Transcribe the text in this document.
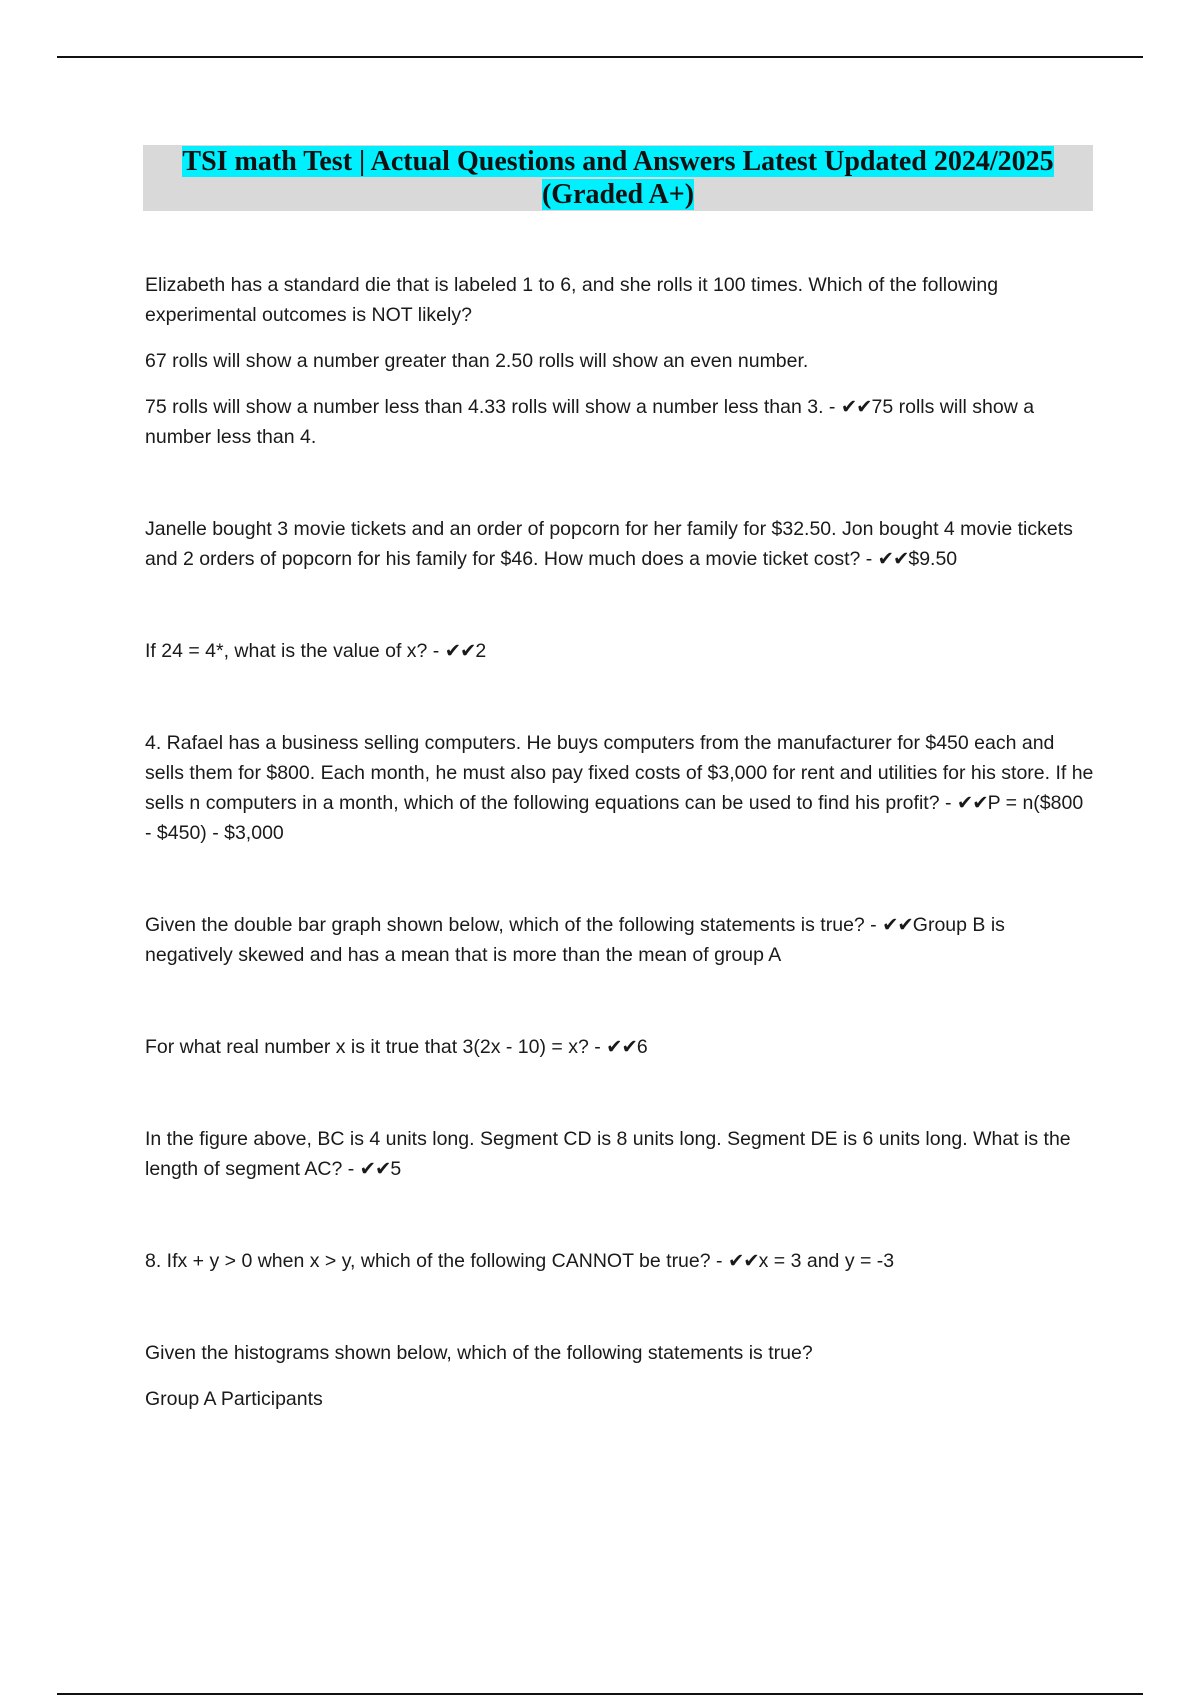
TSI math Test | Actual Questions and Answers Latest Updated 2024/2025
(Graded A+)

Elizabeth has a standard die that is labeled 1 to 6, and she rolls it 100 times. Which of the following experimental outcomes is NOT likely?

67 rolls will show a number greater than 2.50 rolls will show an even number.

75 rolls will show a number less than 4.33 rolls will show a number less than 3. - ✔✔75 rolls will show a number less than 4.

Janelle bought 3 movie tickets and an order of popcorn for her family for $32.50. Jon bought 4 movie tickets and 2 orders of popcorn for his family for $46. How much does a movie ticket cost? - ✔✔$9.50

If 24 = 4*, what is the value of x? - ✔✔2

4. Rafael has a business selling computers. He buys computers from the manufacturer for $450 each and sells them for $800. Each month, he must also pay fixed costs of $3,000 for rent and utilities for his store. If he sells n computers in a month, which of the following equations can be used to find his profit? - ✔✔P = n($800 - $450) - $3,000

Given the double bar graph shown below, which of the following statements is true? - ✔✔Group B is negatively skewed and has a mean that is more than the mean of group A

For what real number x is it true that 3(2x - 10) = x? - ✔✔6

In the figure above, BC is 4 units long. Segment CD is 8 units long. Segment DE is 6 units long. What is the length of segment AC? - ✔✔5

8. Ifx + y > 0 when x > y, which of the following CANNOT be true? - ✔✔x = 3 and y = -3

Given the histograms shown below, which of the following statements is true?

Group A Participants
